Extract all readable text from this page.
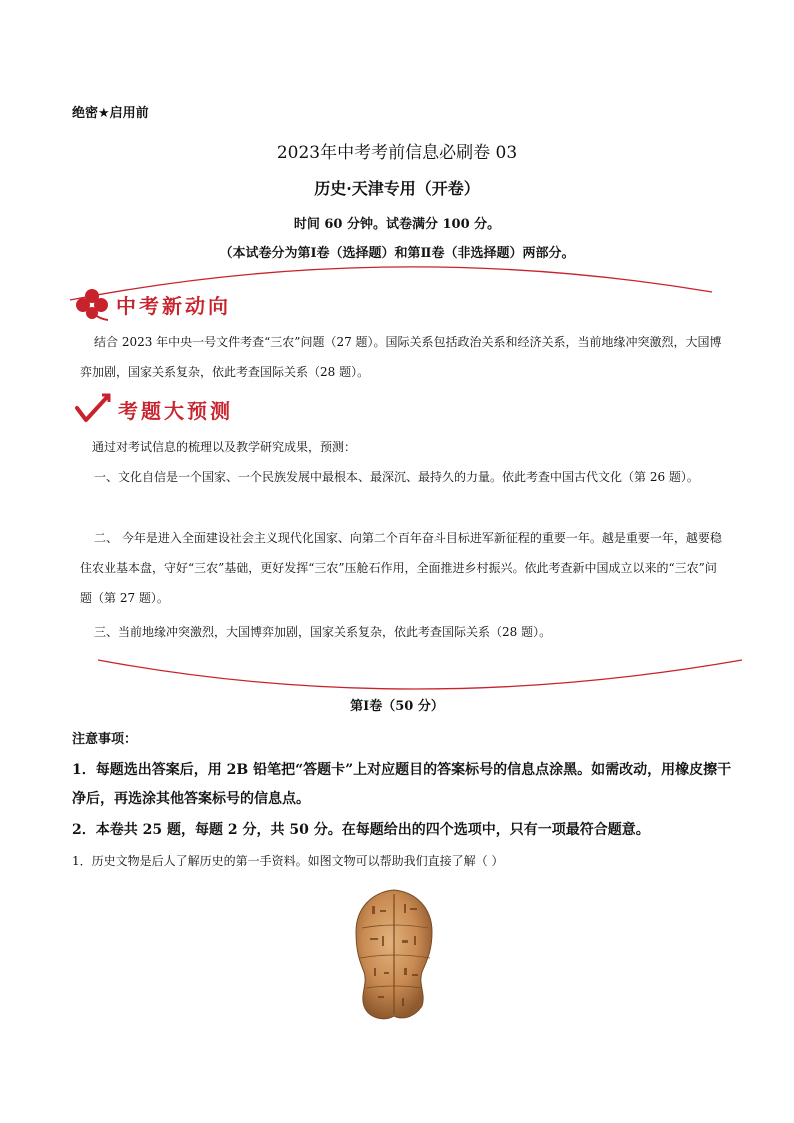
绝密★启用前
2023年中考考前信息必刷卷 03
历史·天津专用（开卷）
时间 60 分钟。试卷满分 100 分。
（本试卷分为第Ⅰ卷（选择题）和第Ⅱ卷（非选择题）两部分。
中考新动向
结合 2023 年中央一号文件考查“三农”问题（27 题）。国际关系包括政治关系和经济关系，当前地缘冲突激烈，大国博弈加剧，国家关系复杂，依此考查国际关系（28 题）。
考题大预测
通过对考试信息的梳理以及教学研究成果，预测：
一、文化自信是一个国家、一个民族发展中最根本、最深沉、最持久的力量。依此考查中国古代文化（第 26 题）。
二、 今年是进入全面建设社会主义现代化国家、向第二个百年奋斗目标进军新征程的重要一年。越是重要一年，越要稳住农业基本盘，守好“三农”基础，更好发挥“三农”压舱石作用，全面推进乡村振兴。依此考查新中国成立以来的“三农”问题（第 27 题）。
三、当前地缘冲突激烈，大国博弈加剧，国家关系复杂，依此考查国际关系（28 题）。
第Ⅰ卷（50 分）
注意事项：
1．每题选出答案后，用 2B 铅笔把“答题卡”上对应题目的答案标号的信息点涂黑。如需改动，用橡皮擦干净后，再选涂其他答案标号的信息点。
2．本卷共 25 题，每题 2 分，共 50 分。在每题给出的四个选项中，只有一项最符合题意。
1．历史文物是后人了解历史的第一手资料。如图文物可以帮助我们直接了解（ ）
